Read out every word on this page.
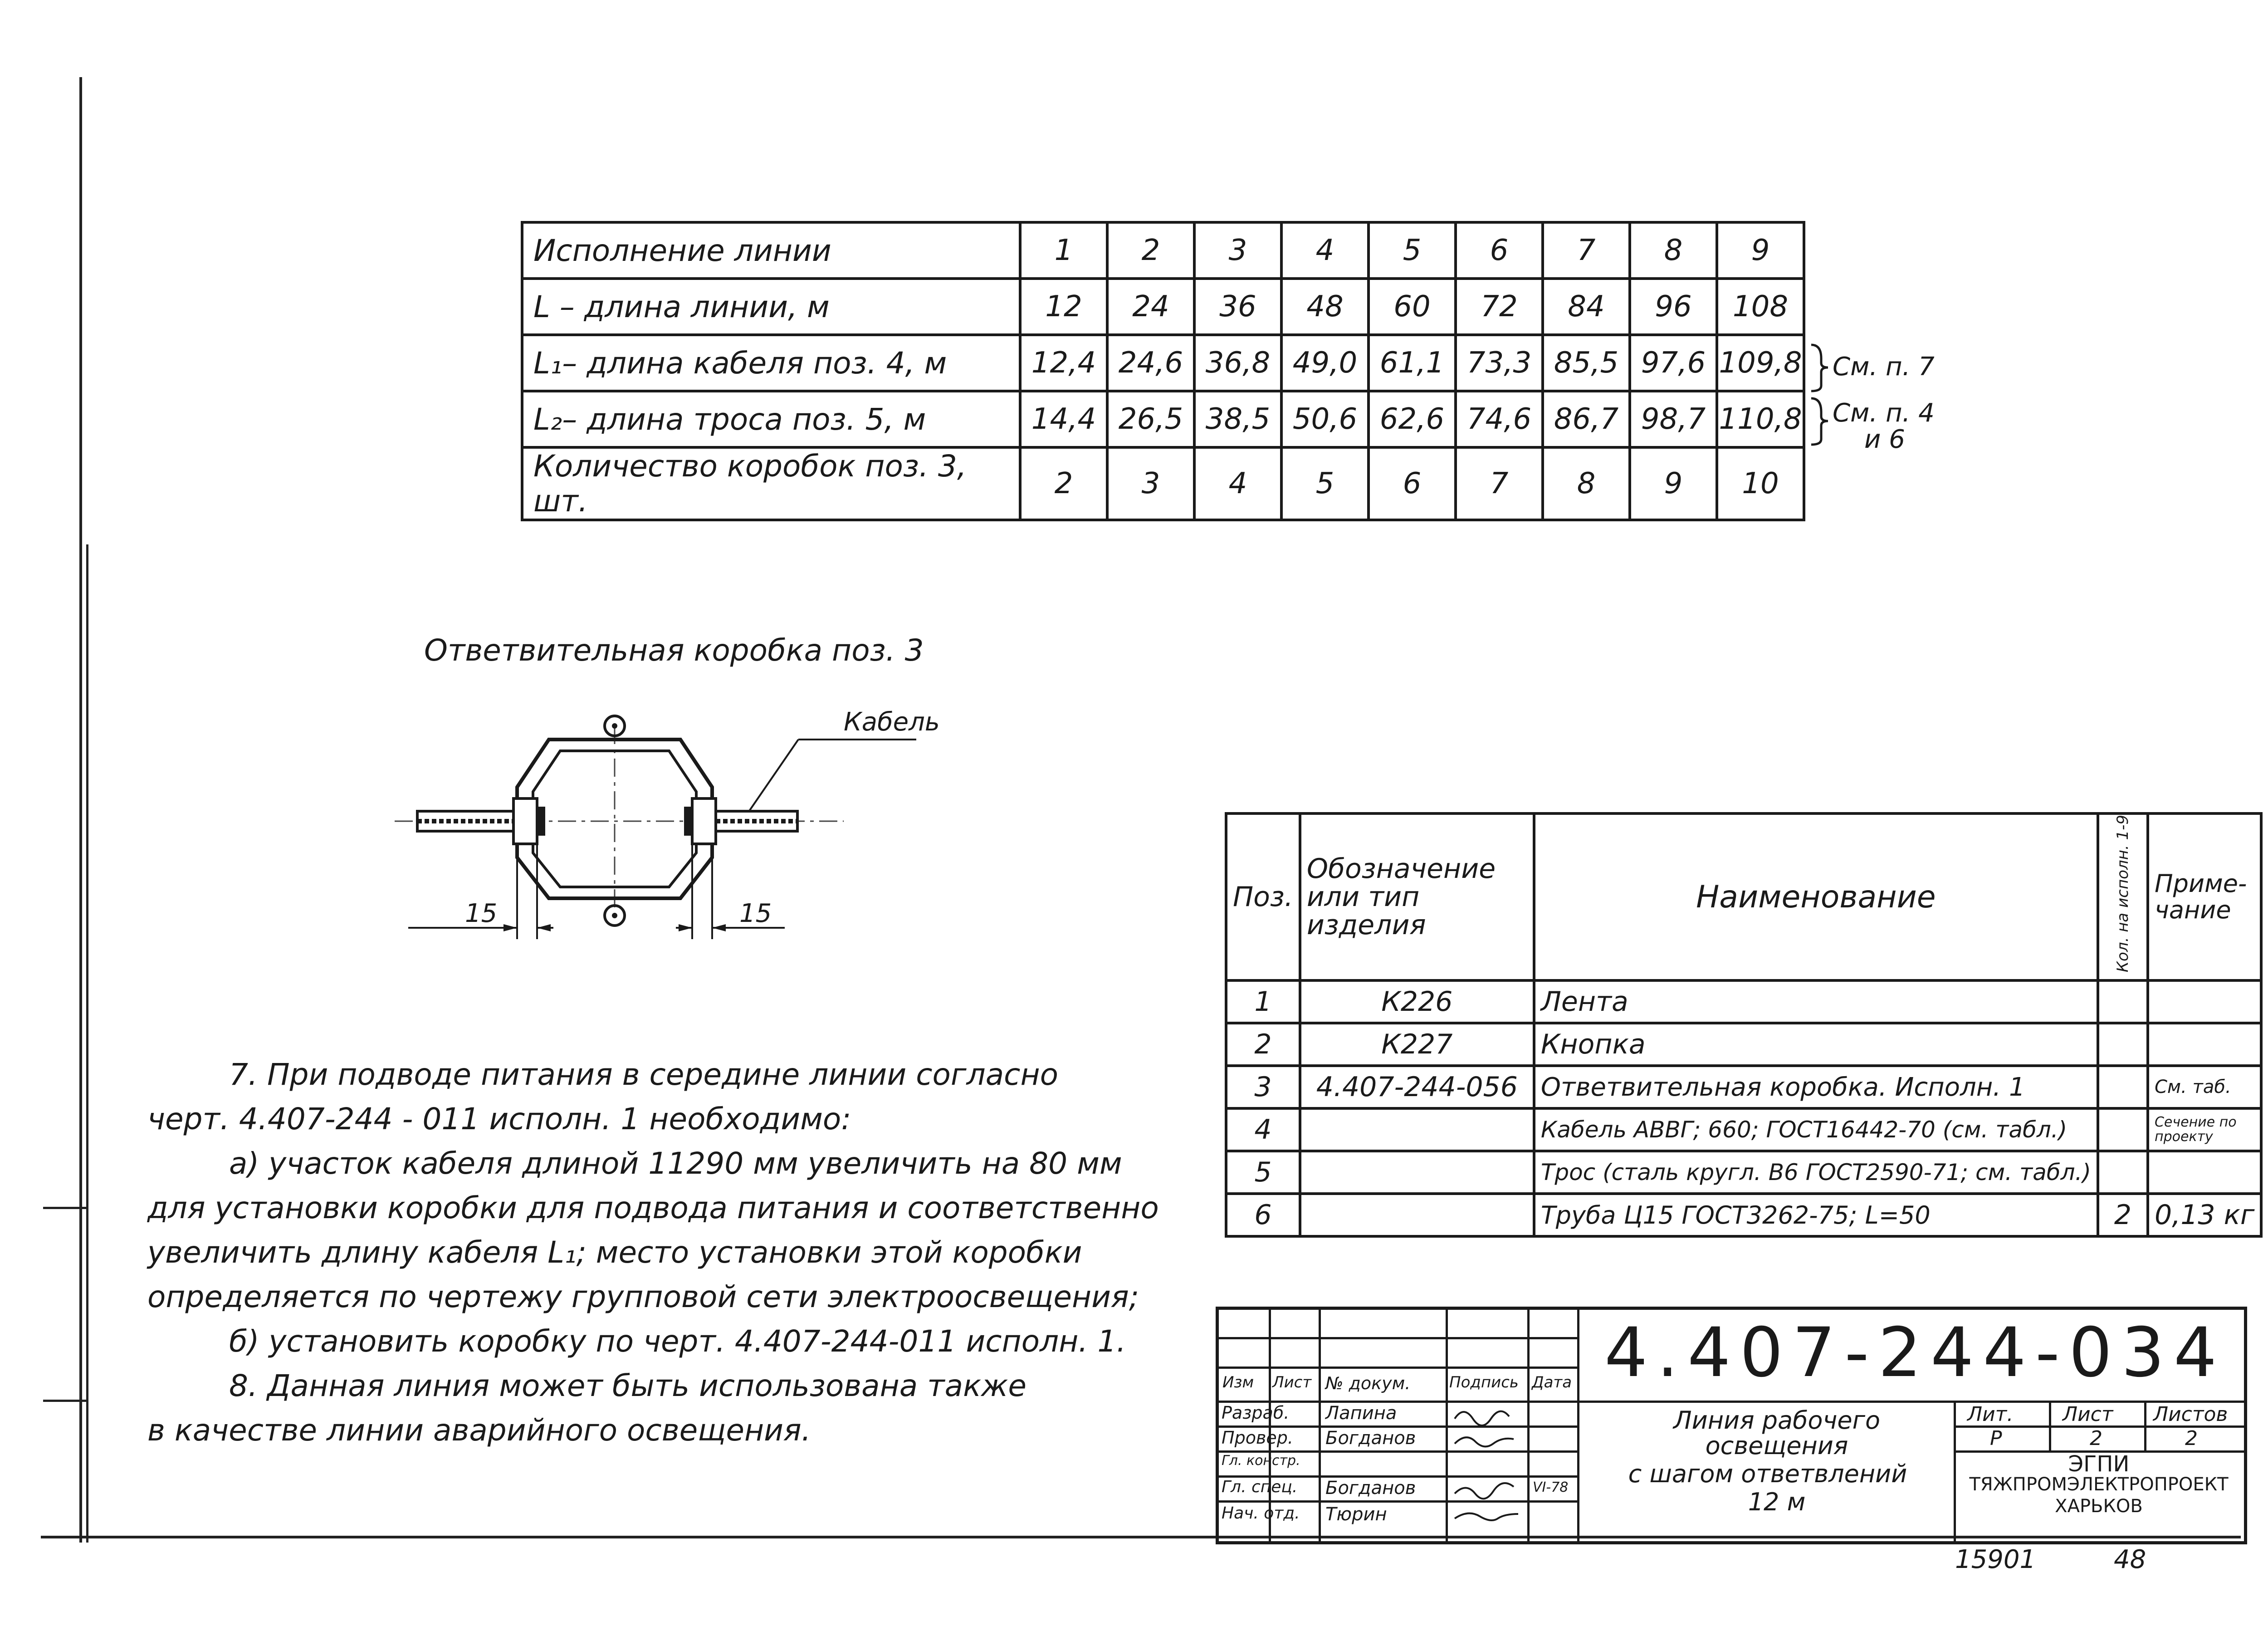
Исполнение линии	1	2	3	4	5	6	7	8	9
L – длина линии, м	12	24	36	48	60	72	84	96	108
L₁– длина кабеля поз. 4, м	12,4	24,6	36,8	49,0	61,1	73,3	85,5	97,6	109,8
L₂– длина троса поз. 5, м	14,4	26,5	38,5	50,6	62,6	74,6	86,7	98,7	110,8
Количество коробок поз. 3, шт.	2	3	4	5	6	7	8	9	10
См. п. 7
См. п. 4
и 6
Ответвительная коробка поз. 3
Кабель
15	15
Поз.	Обозначение или тип изделия	Наименование	Кол. на исполн. 1-9	Приме-чание
1	К226	Лента		
2	К227	Кнопка		
3	4.407-244-056	Ответвительная коробка. Исполн. 1		См. таб.
4		Кабель АВВГ; 660; ГОСТ16442-70 (см. табл.)		Сечение по проекту
5		Трос (сталь кругл. В6 ГОСТ2590-71; см. табл.)		
6		Труба Ц15 ГОСТ3262-75; L=50	2	0,13 кг

7. При подводе питания в середине линии согласно

черт. 4.407-244 - 011 исполн. 1 необходимо:

а) участок кабеля длиной 11290 мм увеличить на 80 мм

для установки коробки для подвода питания и соответственно

увеличить длину кабеля L₁; место установки этой коробки

определяется по чертежу групповой сети электроосвещения;

б) установить коробку по черт. 4.407-244-011 исполн. 1.

8. Данная линия может быть использована также

в качестве линии аварийного освещения.

Изм Лист № докум.	Подпись Дата
Разраб. Лапина
Провер. Богданов
Гл. констр.
Гл. спец. Богданов
Нач. отд. Тюрин
VI-78
4.407-244-034
Линия рабочего
освещения
с шагом ответвлений
12 м
Лит. Лист Листов
Р	2	2
ЭГПИ
ТЯЖПРОМЭЛЕКТРОПРОЕКТ
ХАРЬКОВ
15901	48
